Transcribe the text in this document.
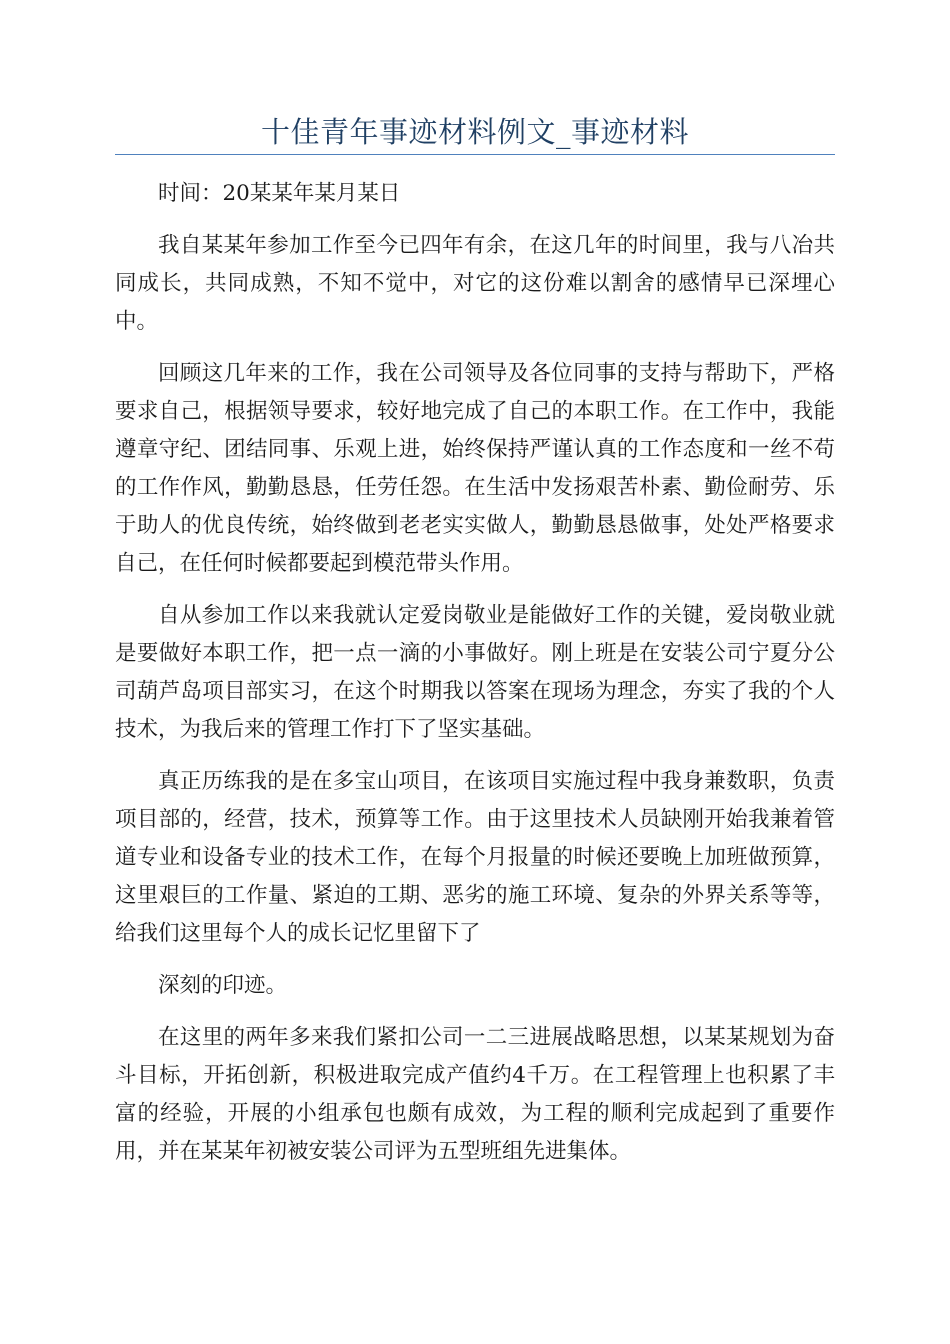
十佳青年事迹材料例文_事迹材料

时间：20某某年某月某日

我自某某年参加工作至今已四年有余，在这几年的时间里，我与八冶共同成长，共同成熟，不知不觉中，对它的这份难以割舍的感情早已深埋心中。

回顾这几年来的工作，我在公司领导及各位同事的支持与帮助下，严格要求自己，根据领导要求，较好地完成了自己的本职工作。在工作中，我能遵章守纪、团结同事、乐观上进，始终保持严谨认真的工作态度和一丝不苟的工作作风，勤勤恳恳，任劳任怨。在生活中发扬艰苦朴素、勤俭耐劳、乐于助人的优良传统，始终做到老老实实做人，勤勤恳恳做事，处处严格要求自己，在任何时候都要起到模范带头作用。

自从参加工作以来我就认定爱岗敬业是能做好工作的关键，爱岗敬业就是要做好本职工作，把一点一滴的小事做好。刚上班是在安装公司宁夏分公司葫芦岛项目部实习，在这个时期我以答案在现场为理念，夯实了我的个人技术，为我后来的管理工作打下了坚实基础。

真正历练我的是在多宝山项目，在该项目实施过程中我身兼数职，负责项目部的，经营，技术，预算等工作。由于这里技术人员缺刚开始我兼着管道专业和设备专业的技术工作，在每个月报量的时候还要晚上加班做预算，这里艰巨的工作量、紧迫的工期、恶劣的施工环境、复杂的外界关系等等，给我们这里每个人的成长记忆里留下了

深刻的印迹。

在这里的两年多来我们紧扣公司一二三进展战略思想，以某某规划为奋斗目标，开拓创新，积极进取完成产值约4千万。在工程管理上也积累了丰富的经验，开展的小组承包也颇有成效，为工程的顺利完成起到了重要作用，并在某某年初被安装公司评为五型班组先进集体。
